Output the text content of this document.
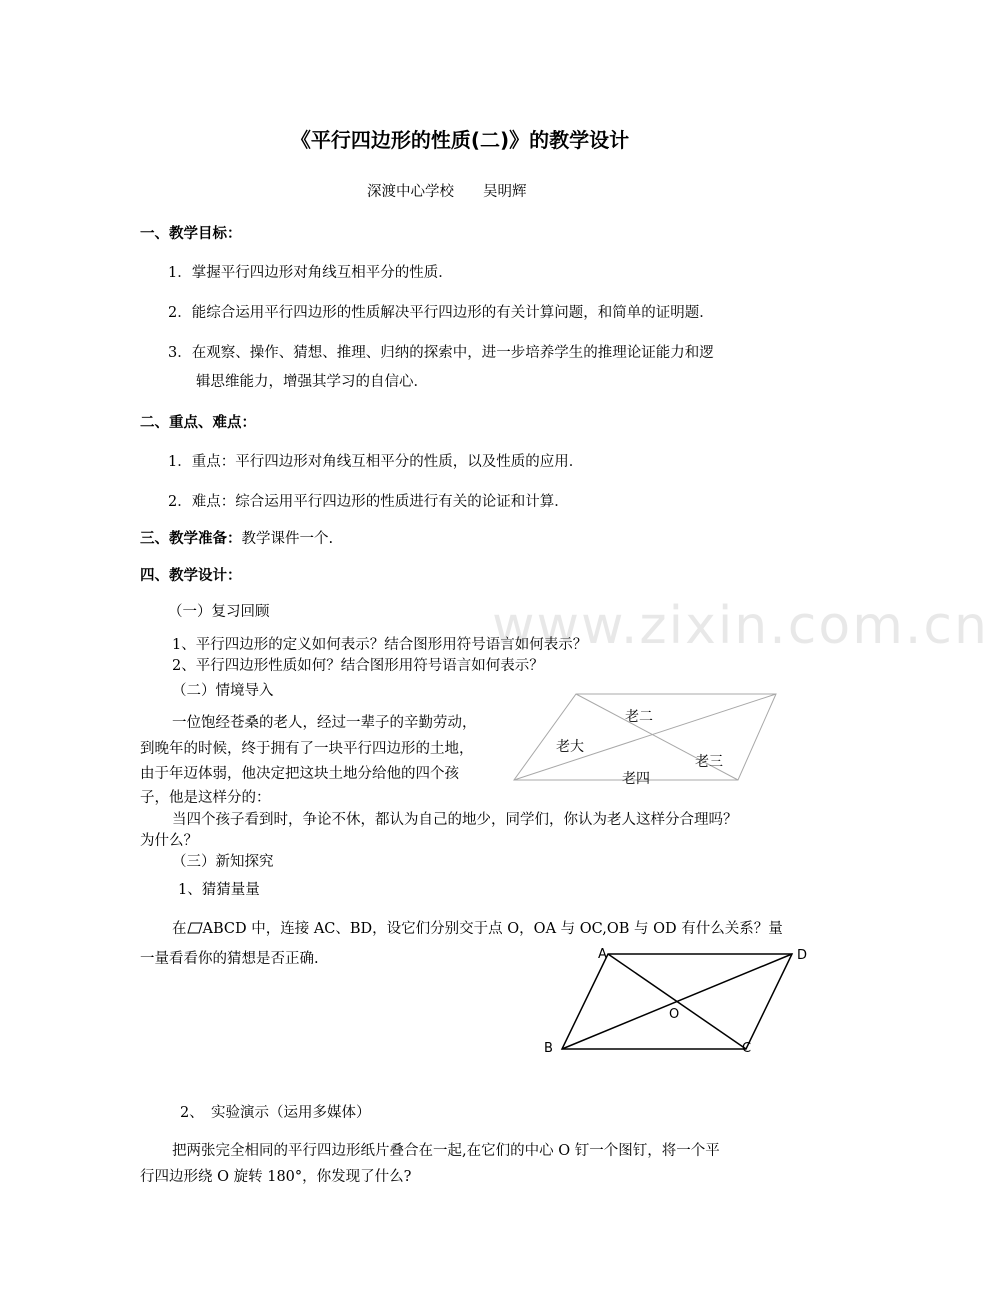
www.zixin.com.cn
《平行四边形的性质(二)》的教学设计
深渡中心学校　　吴明辉
一、教学目标：
1．掌握平行四边形对角线互相平分的性质．
2．能综合运用平行四边形的性质解决平行四边形的有关计算问题，和简单的证明题．
3．在观察、操作、猜想、推理、归纳的探索中，进一步培养学生的推理论证能力和逻
辑思维能力，增强其学习的自信心．
二、重点、难点：
1．重点：平行四边形对角线互相平分的性质，以及性质的应用．
2．难点：综合运用平行四边形的性质进行有关的论证和计算．
三、教学准备：教学课件一个.
四、教学设计：
（一）复习回顾
1、平行四边形的定义如何表示？结合图形用符号语言如何表示？
2、平行四边形性质如何？结合图形用符号语言如何表示？
（二）情境导入
一位饱经苍桑的老人，经过一辈子的辛勤劳动，
到晚年的时候，终于拥有了一块平行四边形的土地，
由于年迈体弱，他决定把这块土地分给他的四个孩
子，他是这样分的：
当四个孩子看到时，争论不休，都认为自己的地少，同学们，你认为老人这样分合理吗？
为什么？
老大
老二
老三
老四
（三）新知探究
1、猜猜量量
在 ABCD 中，连接 AC、BD，设它们分别交于点 O，OA 与 OC,OB 与 OD 有什么关系？量
一量看看你的猜想是否正确.	A	D
B	C
O
2、　实验演示（运用多媒体）
把两张完全相同的平行四边形纸片叠合在一起,在它们的中心 O 钉一个图钉，将一个平
行四边形绕 O 旋转 180°，你发现了什么?
